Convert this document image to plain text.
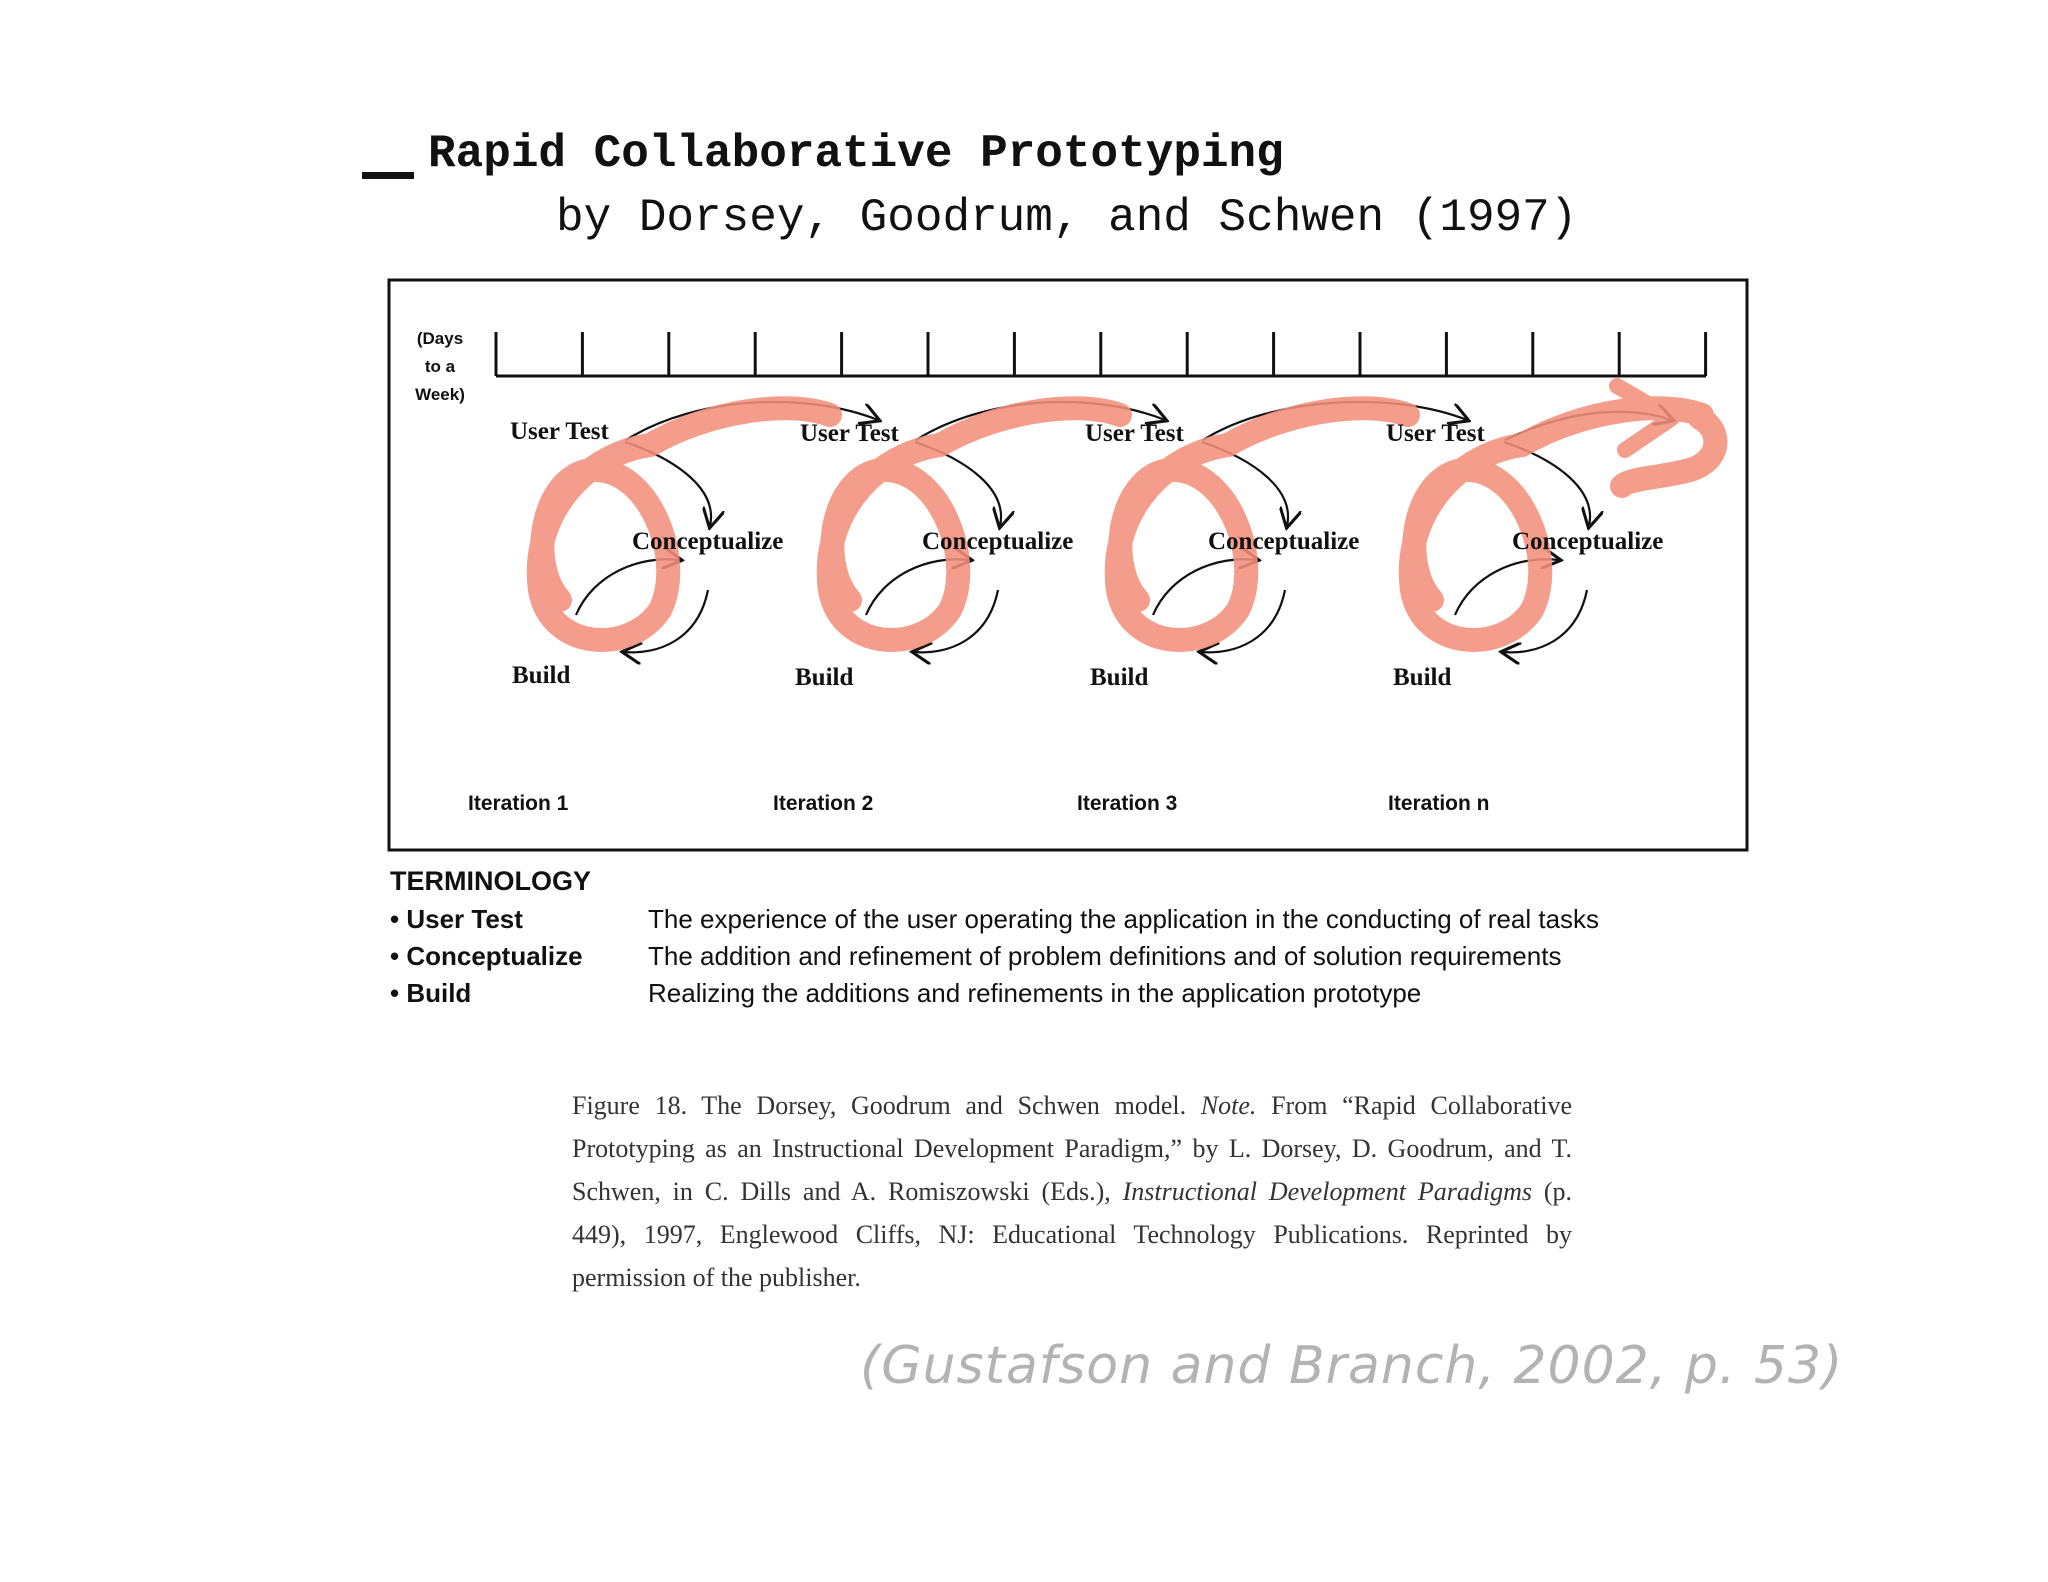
Rapid Collaborative Prototyping
by Dorsey, Goodrum, and Schwen (1997)
(Days
to a
Week)
User Test
Conceptualize
Build
Iteration 1
User Test
Conceptualize
Build
Iteration 2
User Test
Conceptualize
Build
Iteration 3
User Test
Conceptualize
Build
Iteration n
TERMINOLOGY
• User Test	The experience of the user operating the application in the conducting of real tasks
• Conceptualize	The addition and refinement of problem definitions and of solution requirements
• Build	Realizing the additions and refinements in the application prototype
Figure 18. The Dorsey, Goodrum and Schwen model. Note. From “Rapid Collaborative Prototyping as an Instructional Development Paradigm,” by L. Dorsey, D. Goodrum, and T. Schwen, in C. Dills and A. Romiszowski (Eds.), Instructional Development Paradigms (p. 449), 1997, Englewood Cliffs, NJ: Educational Technology Publications. Reprinted by permission of the publisher.
(Gustafson and Branch, 2002, p. 53)
